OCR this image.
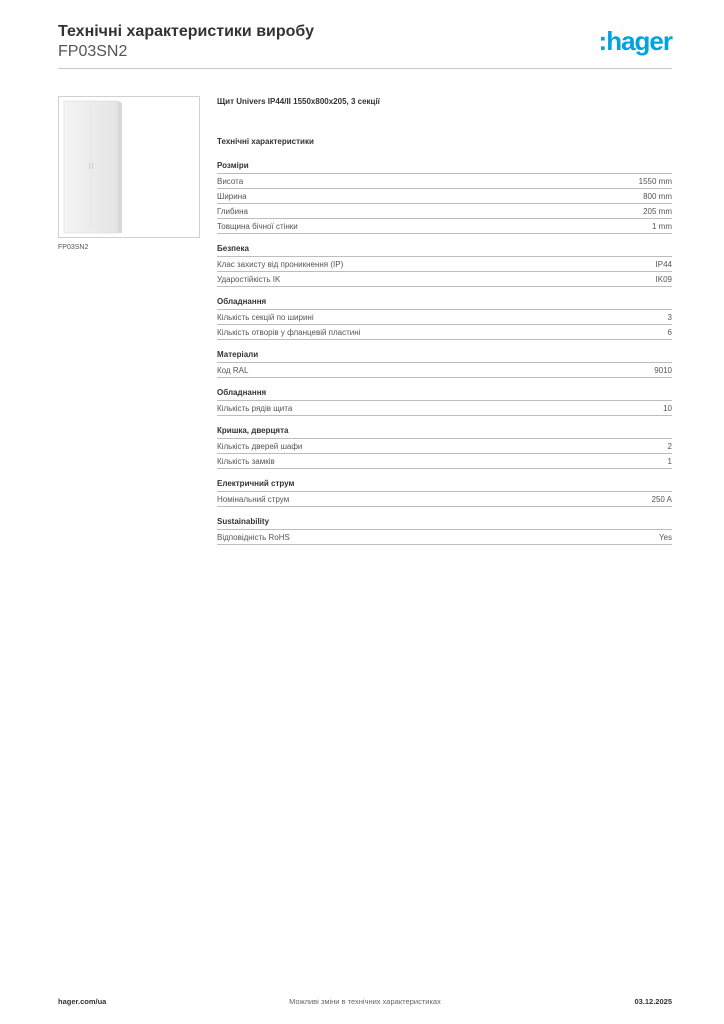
Технічні характеристики виробу

FP03SN2	:hager
FP03SN2

Щит Univers IP44/II 1550x800x205, 3 секції

Технічні характеристики

Розміри
Висота	1550 mm
Ширина	800 mm
Глибина	205 mm
Товщина бічної стінки	1 mm
Безпека
Клас захисту від проникнення (IP)	IP44
Ударостійкість IK	IK09
Обладнання
Кількість секцій по ширині	3
Кількість отворів у фланцевій пластині	6
Матеріали
Код RAL	9010
Обладнання
Кількість рядів щита	10
Кришка, дверцята
Кількість дверей шафи	2
Кількість замків	1
Електричний струм
Номінальний струм	250 A
Sustainability
Відповідність RoHS	Yes
Можливі зміни в технічних характеристиках
hager.com/ua	03.12.2025
